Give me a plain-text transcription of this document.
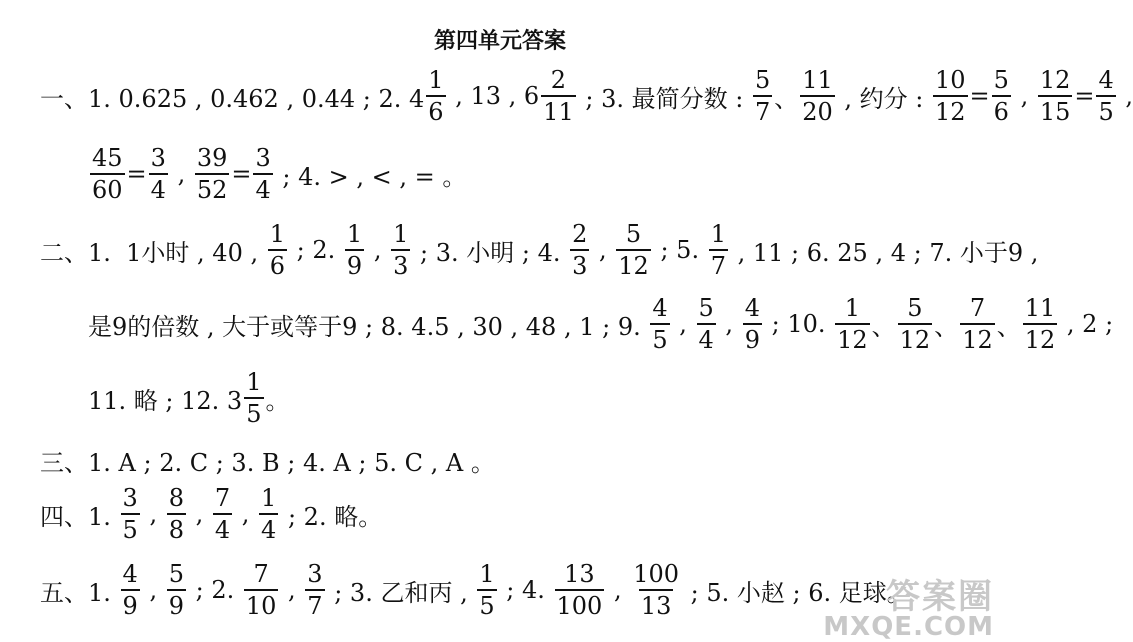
第四单元答案
一、1. 0.625 , 0.462 , 0.44 ; 2. $4 \frac{1}{6}$ , 13 , $6 \frac{2}{11}$ ; 3. 最简分数 : $\frac{5}{7}$ 、 $\frac{11}{20}$ , 约分 : $\frac{10}{12} = \frac{5}{6}$ , $\frac{12}{15} = \frac{4}{5}$ ,
$\frac{45}{60} = \frac{3}{4}$ , $\frac{39}{52} = \frac{3}{4}$ ; 4. > , < , = 。
二、1.  1小时 , 40 , $\frac{1}{6}$ ; 2. $\frac{1}{9}$ , $\frac{1}{3}$ ; 3. 小明 ; 4. $\frac{2}{3}$ , $\frac{5}{12}$ ; 5. $\frac{1}{7}$ , 11 ; 6. 25 , 4 ; 7. 小于9 ,
是9的倍数 , 大于或等于9 ; 8. 4.5 , 30 , 48 , 1 ; 9. $\frac{4}{5}$ , $\frac{5}{4}$ , $\frac{4}{9}$ ; 10. $\frac{1}{12}$ 、 $\frac{5}{12}$ 、 $\frac{7}{12}$ 、 $\frac{11}{12}$ , 2 ;
11. 略 ; 12. $3 \frac{1}{5}$ 。
三、1. A ; 2. C ; 3. B ; 4. A ; 5. C , A 。
四、1. $\frac{3}{5}$ , $\frac{8}{8}$ , $\frac{7}{4}$ , $\frac{1}{4}$ ; 2. 略。
五、1. $\frac{4}{9}$ , $\frac{5}{9}$ ; 2. $\frac{7}{10}$ , $\frac{3}{7}$ ; 3. 乙和丙 , $\frac{1}{5}$ ; 4. $\frac{13}{100}$ , $\frac{100}{13}$ ; 5. 小赵 ; 6. 足球。
答案圈
MXQE.COM
